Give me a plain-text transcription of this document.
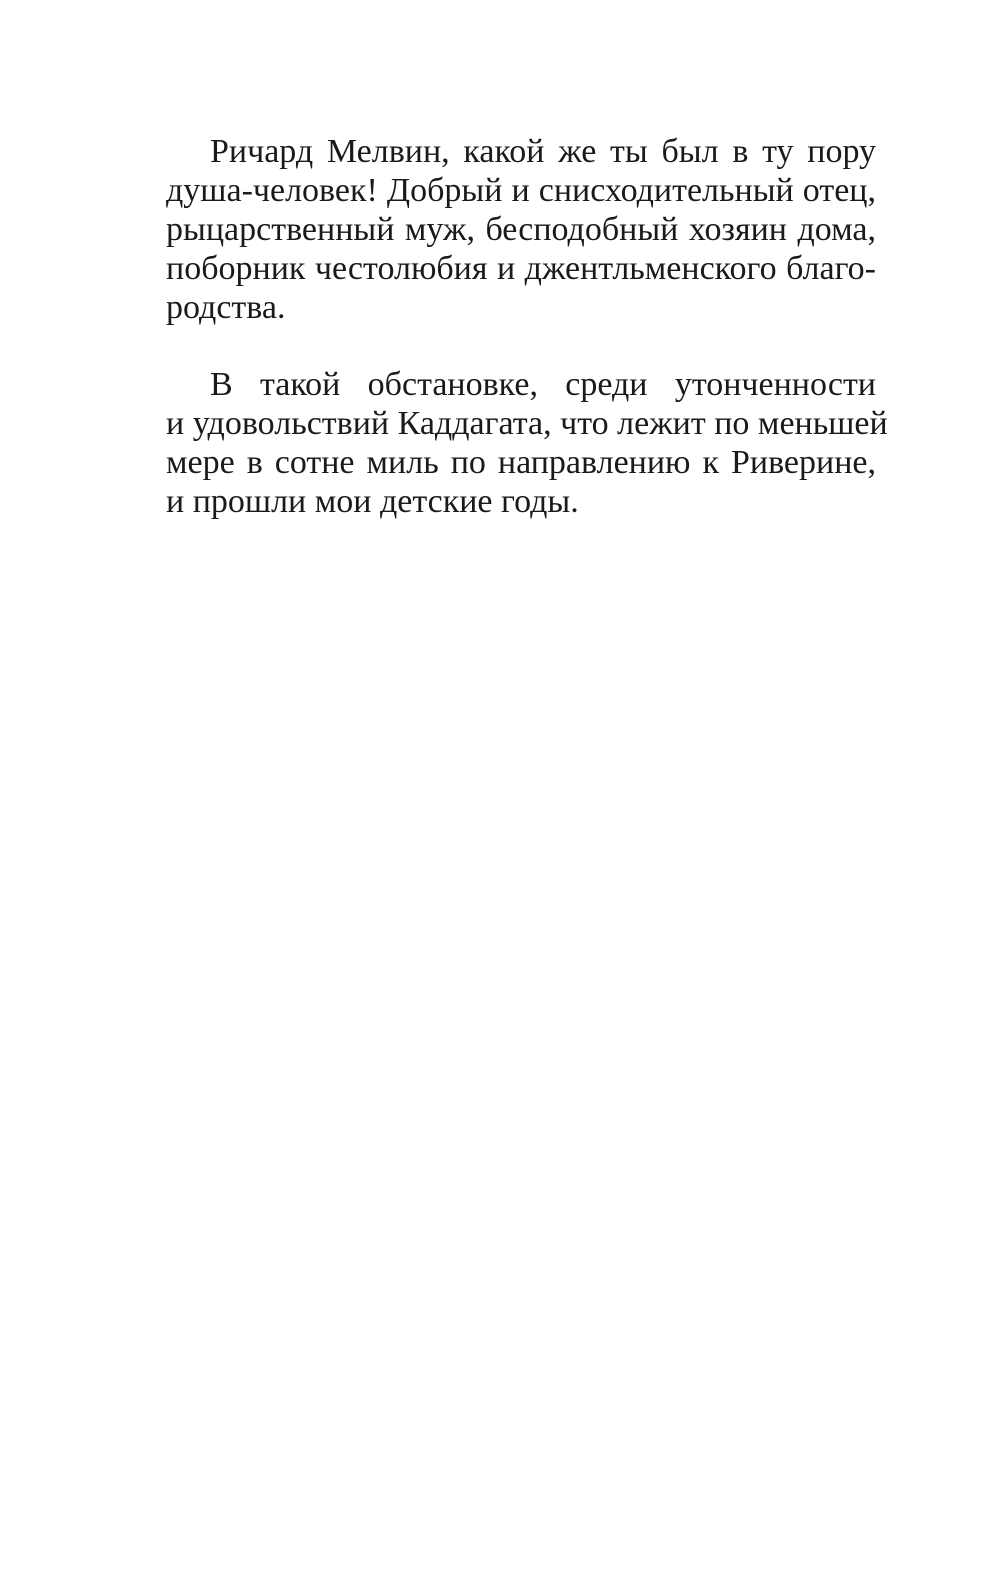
Ричард Мелвин, какой же ты был в ту пору
душа-человек! Добрый и снисходительный отец,
рыцарственный муж, бесподобный хозяин дома,
поборник честолюбия и джентльменского благо-
родства.

В такой обстановке, среди утонченности
и удовольствий Каддагата, что лежит по меньшей
мере в сотне миль по направлению к Риверине,
и прошли мои детские годы.
